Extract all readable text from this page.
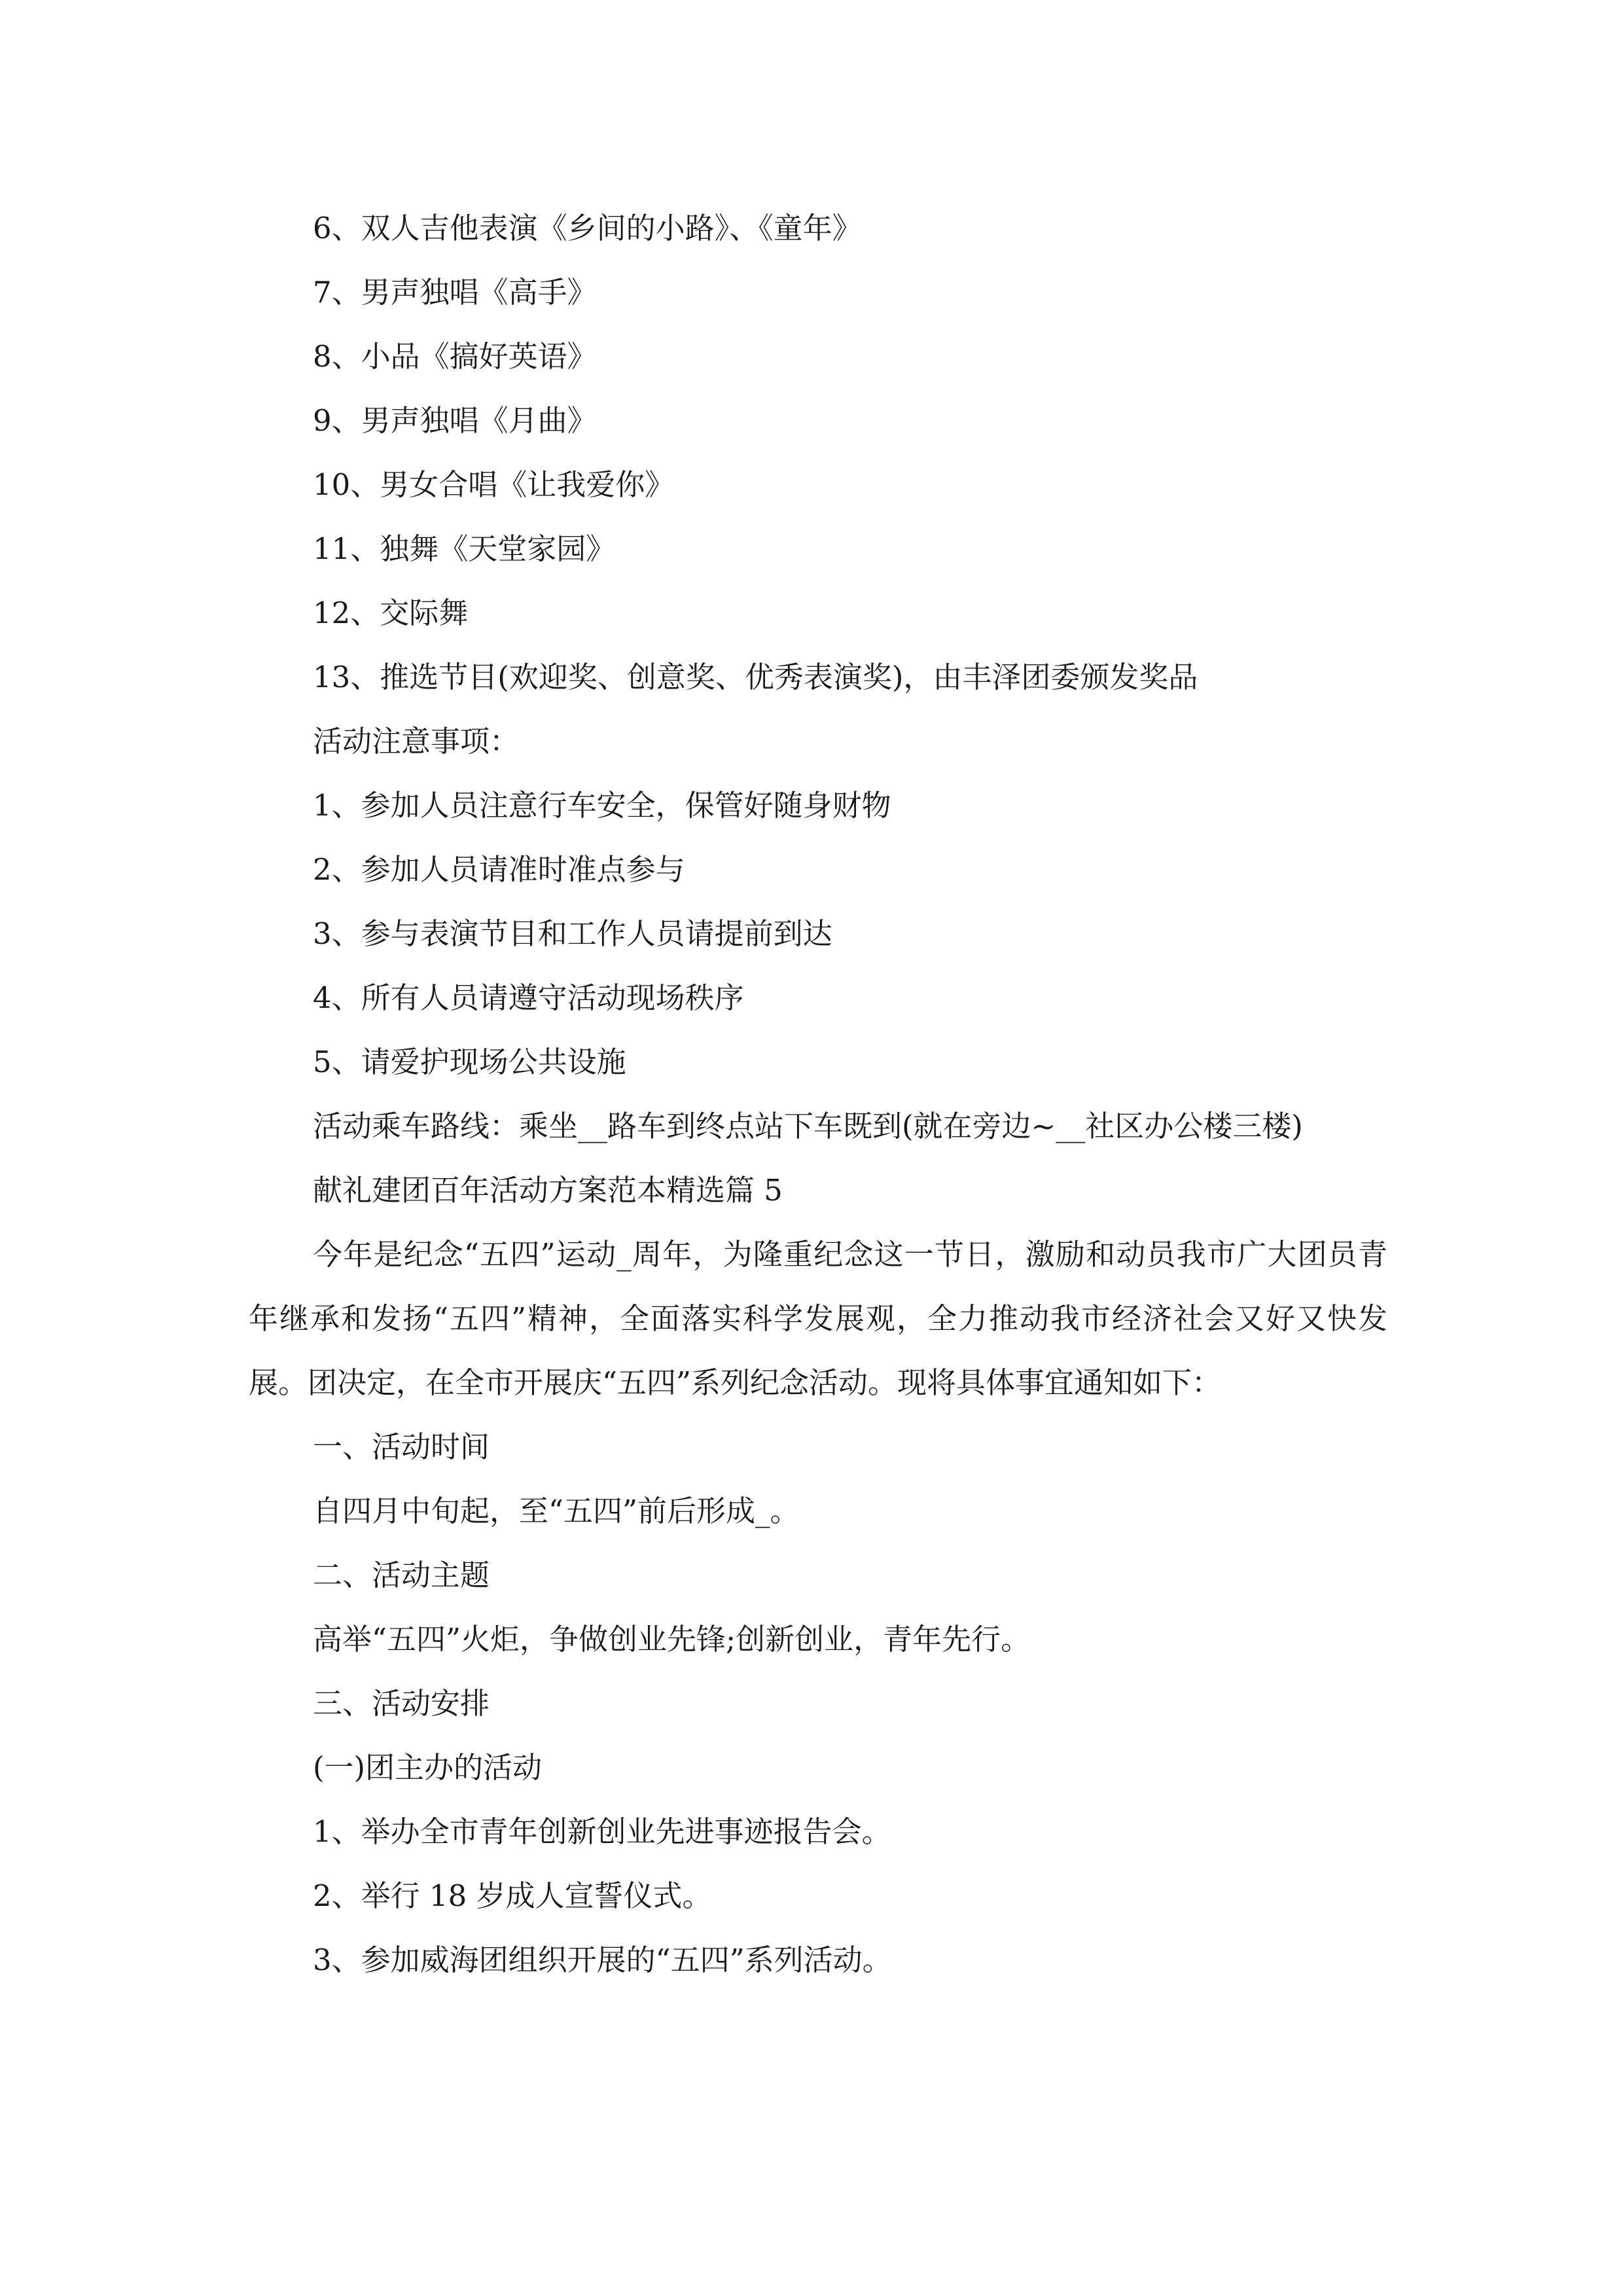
6、双人吉他表演《乡间的小路》、《童年》

7、男声独唱《高手》

8、小品《搞好英语》

9、男声独唱《月曲》

10、男女合唱《让我爱你》

11、独舞《天堂家园》

12、交际舞

13、推选节目(欢迎奖、创意奖、优秀表演奖)，由丰泽团委颁发奖品

活动注意事项：

1、参加人员注意行车安全，保管好随身财物

2、参加人员请准时准点参与

3、参与表演节目和工作人员请提前到达

4、所有人员请遵守活动现场秩序

5、请爱护现场公共设施

活动乘车路线：乘坐__路车到终点站下车既到(就在旁边~__社区办公楼三楼)

献礼建团百年活动方案范本精选篇 5

今年是纪念“五四”运动_周年，为隆重纪念这一节日，激励和动员我市广大团员青年继承和发扬“五四”精神，全面落实科学发展观，全力推动我市经济社会又好又快发展。团决定，在全市开展庆“五四”系列纪念活动。现将具体事宜通知如下：

一、活动时间

自四月中旬起，至“五四”前后形成_。

二、活动主题

高举“五四”火炬，争做创业先锋;创新创业，青年先行。

三、活动安排

(一)团主办的活动

1、举办全市青年创新创业先进事迹报告会。

2、举行 18 岁成人宣誓仪式。

3、参加威海团组织开展的“五四”系列活动。
